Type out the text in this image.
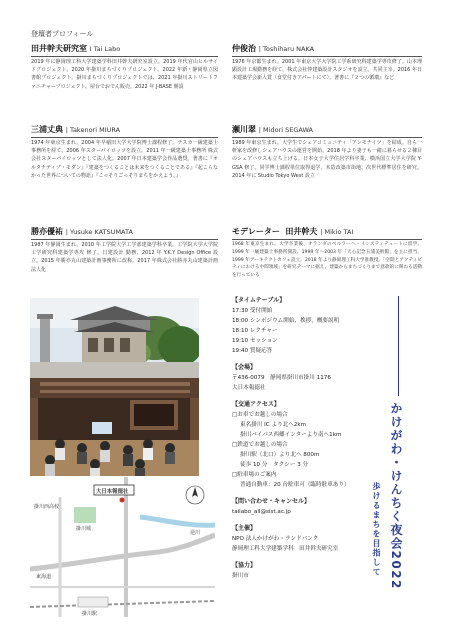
登壇者プロフィール
田井幹夫研究室 I Tai Labo
2019 年に静岡理工科大学建築学科田井幹夫研究室設立。2019 年代官山ヒルサイドプロジェクト。2020 年掛川まちづくりプロジェクト。2022 年新・静岡県立図書館プロジェクト。掛川まちづくりプロジェクトでは、2021 年掛川ストリートファニチャープロジェクト、屋台でおでん販売。2022 年 J-BASE 開設
三浦丈典 | Takenori MIURA
1974 年東京生まれ。2004 年早稲田大学大学院博士課程修了。ナスカ一級建築士事務所を経て、2006 年スターパイロッツを設立。2011 年一級建築士事務所 株式会社スターパイロッツとして法人化。2007 年日本建築学会作品選奨。著書に『オルタナティブ・モダン』『建築をつくることは未来をつくることである』『起こらなかった世界についての物語』『こっそりごっそりまちをかえよう。』
勝亦優祐 | Yusuke KATSUMATA
1987 年静岡生まれ。2010 年工学院大学工学部建築学科卒業。工学院大学大学院工学研究科建築学専攻 修了。日建設計 勤務、2012 年 Y.K.Y Design Office 設立。2015 年勝亦丸山建築計画事務所に改称。2017 年株式会社勝亦丸山建築計画法人化
仲俊治 | Toshiharu NAKA
1976 年京都生まれ。2001 年東京大学大学院工学系研究科建築学専攻修了。山本理顕設計工場勤務を経て、株式会社仲建築設計スタジオを設立。共同主宰。2016 年日本建築学会新人賞（食堂付きアパートにて）。著書に『２つの循環』など
瀬川翠 | Midori SEGAWA
1989 年東京生まれ。大学生でシェアコミュニティ「アンモナイツ」を結成。自ら一軒家を改修しシェアハウスの運営を開始。2018 年より妻子も一緒に暮らせる２棟目のシェアハウスも立ち上げる。日本女子大学住居学科卒業、横浜国立大学大学院 Y-GSA 修了。同学博士課程単位取得退学。木造改築市街地、次世代標準居住を研究。2014 年に Studio Tokyo West 設立
モデレーター 田井幹夫 | Mikio TAI
1968 年東京生まれ。大学卒業後、オランダのベルラーヘ・インスティテュートに留学。1999 年一級建築士事務所開設。1999 年〜2003 年「天心記念五浦美術館」を主に担当。1999 年アーキテクトカフェ設立。2018 年より静岡理工科大学准教授。「空間とアクティビティにおける中間領域」を研究テーマに据え、建築からまちづくりまで意欲的に関わる活動を行っている
大日本報徳社
掛川西高校
掛川城
東海道
逆川
掛川駅
【タイムテーブル】
17:30 受付開始
18:00 シンポジウム開始，挨拶，概要説明
18:10 レクチャー
19:10 セッション
19:40 質疑応答
【会場】
〒436-0079　静岡県掛川市掛川 1176
大日本報徳社
【交通アクセス】
□お車でお越しの場合
東名掛川 IC より北へ2km
掛川バイパス西郷インターより南へ1km
□鉄道でお越しの場合
掛川駅（北口）より北へ 800m
徒歩 10 分　タクシー 3 分
□駐車場のご案内
普通自動車：20 台駐車可（臨時駐車あり）
【問い合わせ・キャンセル】
tailabo_all@sist.ac.jp
【主催】
NPO 法人かけがわ・ランドバンク
静岡理工科大学建築学科　田井幹夫研究室
【協力】
掛川市	かけがわ・けんちく夜会2022
歩けるまちを目指して
